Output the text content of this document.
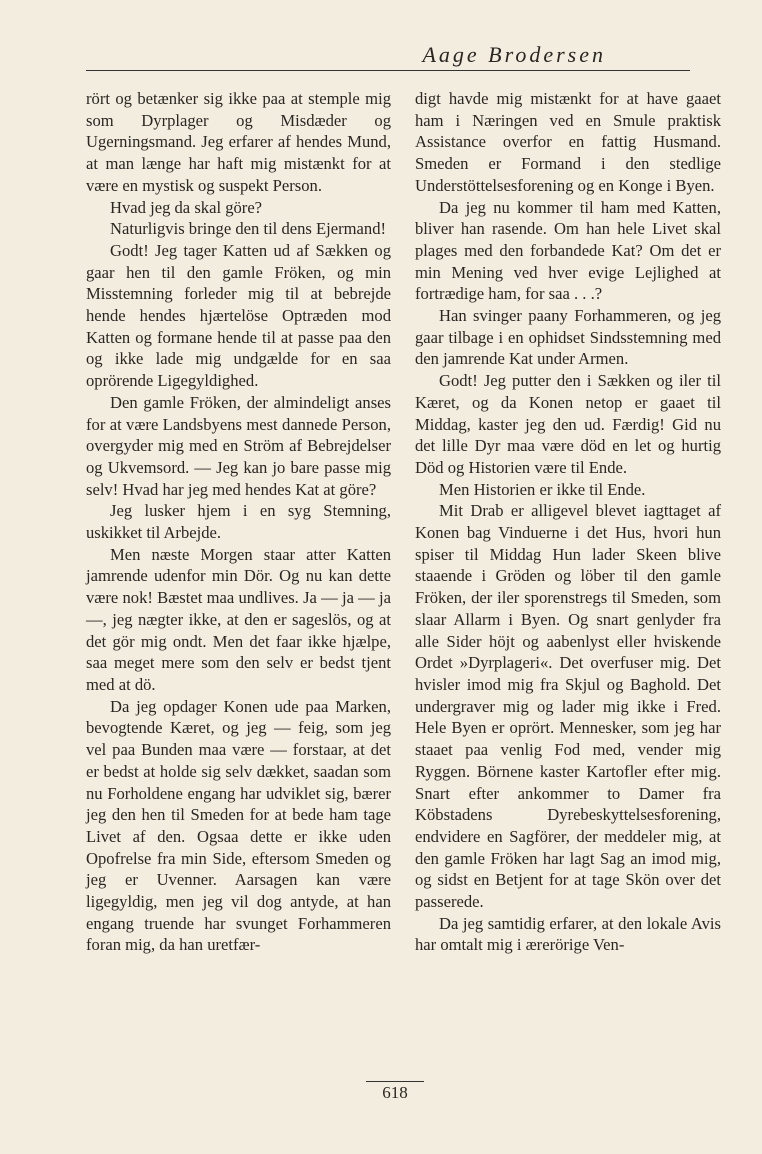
Aage Brodersen

rört og betænker sig ikke paa at stemple mig som Dyrplager og Misdæder og Ugerningsmand. Jeg erfarer af hendes Mund, at man længe har haft mig mistænkt for at være en mystisk og suspekt Person.

Hvad jeg da skal göre?

Naturligvis bringe den til dens Ejermand!

Godt! Jeg tager Katten ud af Sækken og gaar hen til den gamle Fröken, og min Misstemning forleder mig til at bebrejde hende hendes hjærtelöse Optræden mod Katten og formane hende til at passe paa den og ikke lade mig undgælde for en saa oprörende Ligegyldighed.

Den gamle Fröken, der almindeligt anses for at være Landsbyens mest dannede Person, overgyder mig med en Ström af Bebrejdelser og Ukvemsord. — Jeg kan jo bare passe mig selv! Hvad har jeg med hendes Kat at göre?

Jeg lusker hjem i en syg Stemning, uskikket til Arbejde.

Men næste Morgen staar atter Katten jamrende udenfor min Dör. Og nu kan dette være nok! Bæstet maa undlives. Ja — ja — ja —, jeg nægter ikke, at den er sageslös, og at det gör mig ondt. Men det faar ikke hjælpe, saa meget mere som den selv er bedst tjent med at dö.

Da jeg opdager Konen ude paa Marken, bevogtende Kæret, og jeg — feig, som jeg vel paa Bunden maa være — forstaar, at det er bedst at holde sig selv dækket, saadan som nu Forholdene engang har udviklet sig, bærer jeg den hen til Smeden for at bede ham tage Livet af den. Ogsaa dette er ikke uden Opofrelse fra min Side, eftersom Smeden og jeg er Uvenner. Aarsagen kan være ligegyldig, men jeg vil dog antyde, at han engang truende har svunget Forhammeren foran mig, da han uretfær-

digt havde mig mistænkt for at have gaaet ham i Næringen ved en Smule praktisk Assistance overfor en fattig Husmand. Smeden er Formand i den stedlige Understöttelsesforening og en Konge i Byen.

Da jeg nu kommer til ham med Katten, bliver han rasende. Om han hele Livet skal plages med den forbandede Kat? Om det er min Mening ved hver evige Lejlighed at fortrædige ham, for saa . . .?

Han svinger paany Forhammeren, og jeg gaar tilbage i en ophidset Sindsstemning med den jamrende Kat under Armen.

Godt! Jeg putter den i Sækken og iler til Kæret, og da Konen netop er gaaet til Middag, kaster jeg den ud. Færdig! Gid nu det lille Dyr maa være död en let og hurtig Död og Historien være til Ende.

Men Historien er ikke til Ende.

Mit Drab er alligevel blevet iagttaget af Konen bag Vinduerne i det Hus, hvori hun spiser til Middag Hun lader Skeen blive staaende i Gröden og löber til den gamle Fröken, der iler sporenstregs til Smeden, som slaar Allarm i Byen. Og snart genlyder fra alle Sider höjt og aabenlyst eller hviskende Ordet »Dyrplageri«. Det overfuser mig. Det hvisler imod mig fra Skjul og Baghold. Det undergraver mig og lader mig ikke i Fred. Hele Byen er oprört. Mennesker, som jeg har staaet paa venlig Fod med, vender mig Ryggen. Börnene kaster Kartofler efter mig. Snart efter ankommer to Damer fra Köbstadens Dyrebeskyttelsesforening, endvidere en Sagförer, der meddeler mig, at den gamle Fröken har lagt Sag an imod mig, og sidst en Betjent for at tage Skön over det passerede.

Da jeg samtidig erfarer, at den lokale Avis har omtalt mig i ærerörige Ven-

618
